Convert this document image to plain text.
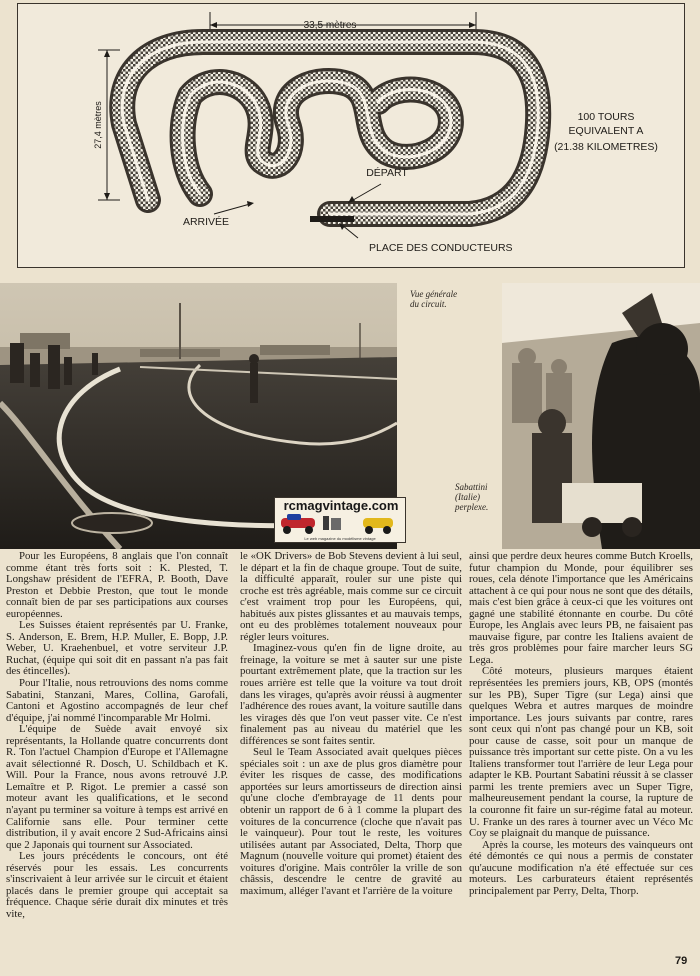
33,5 mètres
27,4 mètres	100 TOURS
EQUIVALENT A
(21.38 KILOMETRES)
DÉPART
ARRIVÉE
PLACE DES CONDUCTEURS
Vue générale
du circuit.
Sabattini
(Italie)
perplexe.
rcmagvintage.com
Le web magazine du modélisme vintage

Pour les Européens, 8 anglais que l'on connaît comme étant très forts soit : K. Plested, T. Longshaw président de l'EFRA, P. Booth, Dave Preston et Debbie Preston, que tout le monde connaît bien de par ses participations aux courses européennes.

Les Suisses étaient représentés par U. Franke, S. Anderson, E. Brem, H.P. Muller, E. Bopp, J.P. Weber, U. Kraehenbuel, et votre serviteur J.P. Ruchat, (équipe qui soit dit en passant n'a pas fait des étincelles).

Pour l'Italie, nous retrouvions des noms comme Sabatini, Stanzani, Mares, Collina, Garofali, Cantoni et Agostino accompagnés de leur chef d'équipe, j'ai nommé l'incomparable Mr Holmi.

L'équipe de Suède avait envoyé six représentants, la Hollande quatre concurrents dont R. Ton l'actuel Champion d'Europe et l'Allemagne avait sélectionné R. Dosch, U. Schildbach et K. Will. Pour la France, nous avons retrouvé J.P. Lemaître et P. Rigot. Le premier a cassé son moteur avant les qualifications, et le second n'ayant pu terminer sa voiture à temps est arrivé en Californie sans elle. Pour terminer cette distribution, il y avait encore 2 Sud-Africains ainsi que 2 Japonais qui tournent sur Associated.

Les jours précédents le concours, ont été réservés pour les essais. Les concurrents s'inscrivaient à leur arrivée sur le circuit et étaient placés dans le premier groupe qui acceptait sa fréquence. Chaque série durait dix minutes et très vite,

le «OK Drivers» de Bob Stevens devient à lui seul, le départ et la fin de chaque groupe. Tout de suite, la difficulté apparaît, rouler sur une piste qui croche est très agréable, mais comme sur ce circuit c'est vraiment trop pour les Européens, qui, habitués aux pistes glissantes et au mauvais temps, ont eu des problèmes totalement nouveaux pour régler leurs voitures.

Imaginez-vous qu'en fin de ligne droite, au freinage, la voiture se met à sauter sur une piste pourtant extrêmement plate, que la traction sur les roues arrière est telle que la voiture va tout droit dans les virages, qu'après avoir réussi à augmenter l'adhérence des roues avant, la voiture sautille dans les virages dès que l'on veut passer vite. Ce n'est finalement pas au niveau du matériel que les différences se sont faites sentir.

Seul le Team Associated avait quelques pièces spéciales soit : un axe de plus gros diamètre pour éviter les risques de casse, des modifications apportées sur leurs amortisseurs de direction ainsi qu'une cloche d'embrayage de 11 dents pour obtenir un rapport de 6 à 1 comme la plupart des voitures de la concurrence (cloche que n'avait pas le vainqueur). Pour tout le reste, les voitures utilisées autant par Associated, Delta, Thorp que Magnum (nouvelle voiture qui promet) étaient des voitures d'origine. Mais contrôler la vrille de son châssis, descendre le centre de gravité au maximum, alléger l'avant et l'arrière de la voiture

ainsi que perdre deux heures comme Butch Kroells, futur champion du Monde, pour équilibrer ses roues, cela dénote l'importance que les Américains attachent à ce qui pour nous ne sont que des détails, mais c'est bien grâce à ceux-ci que les voitures ont gagné une stabilité étonnante en courbe. Du côté Europe, les Anglais avec leurs PB, ne faisaient pas mauvaise figure, par contre les Italiens avaient de très gros problèmes pour faire marcher leurs SG Lega.

Côté moteurs, plusieurs marques étaient représentées les premiers jours, KB, OPS (montés sur les PB), Super Tigre (sur Lega) ainsi que quelques Webra et autres marques de moindre importance. Les jours suivants par contre, rares sont ceux qui n'ont pas changé pour un KB, soit pour cause de casse, soit pour un manque de puissance très important sur cette piste. On a vu les Italiens transformer tout l'arrière de leur Lega pour adapter le KB. Pourtant Sabatini réussit à se classer parmi les trente premiers avec un Super Tigre, malheureusement pendant la course, la rupture de la couronne fit faire un sur-régime fatal au moteur. U. Franke un des rares à tourner avec un Véco Mc Coy se plaignait du manque de puissance.

Après la course, les moteurs des vainqueurs ont été démontés ce qui nous a permis de constater qu'aucune modification n'a été effectuée sur ces moteurs. Les carburateurs étaient représentés principalement par Perry, Delta, Thorp.

79
